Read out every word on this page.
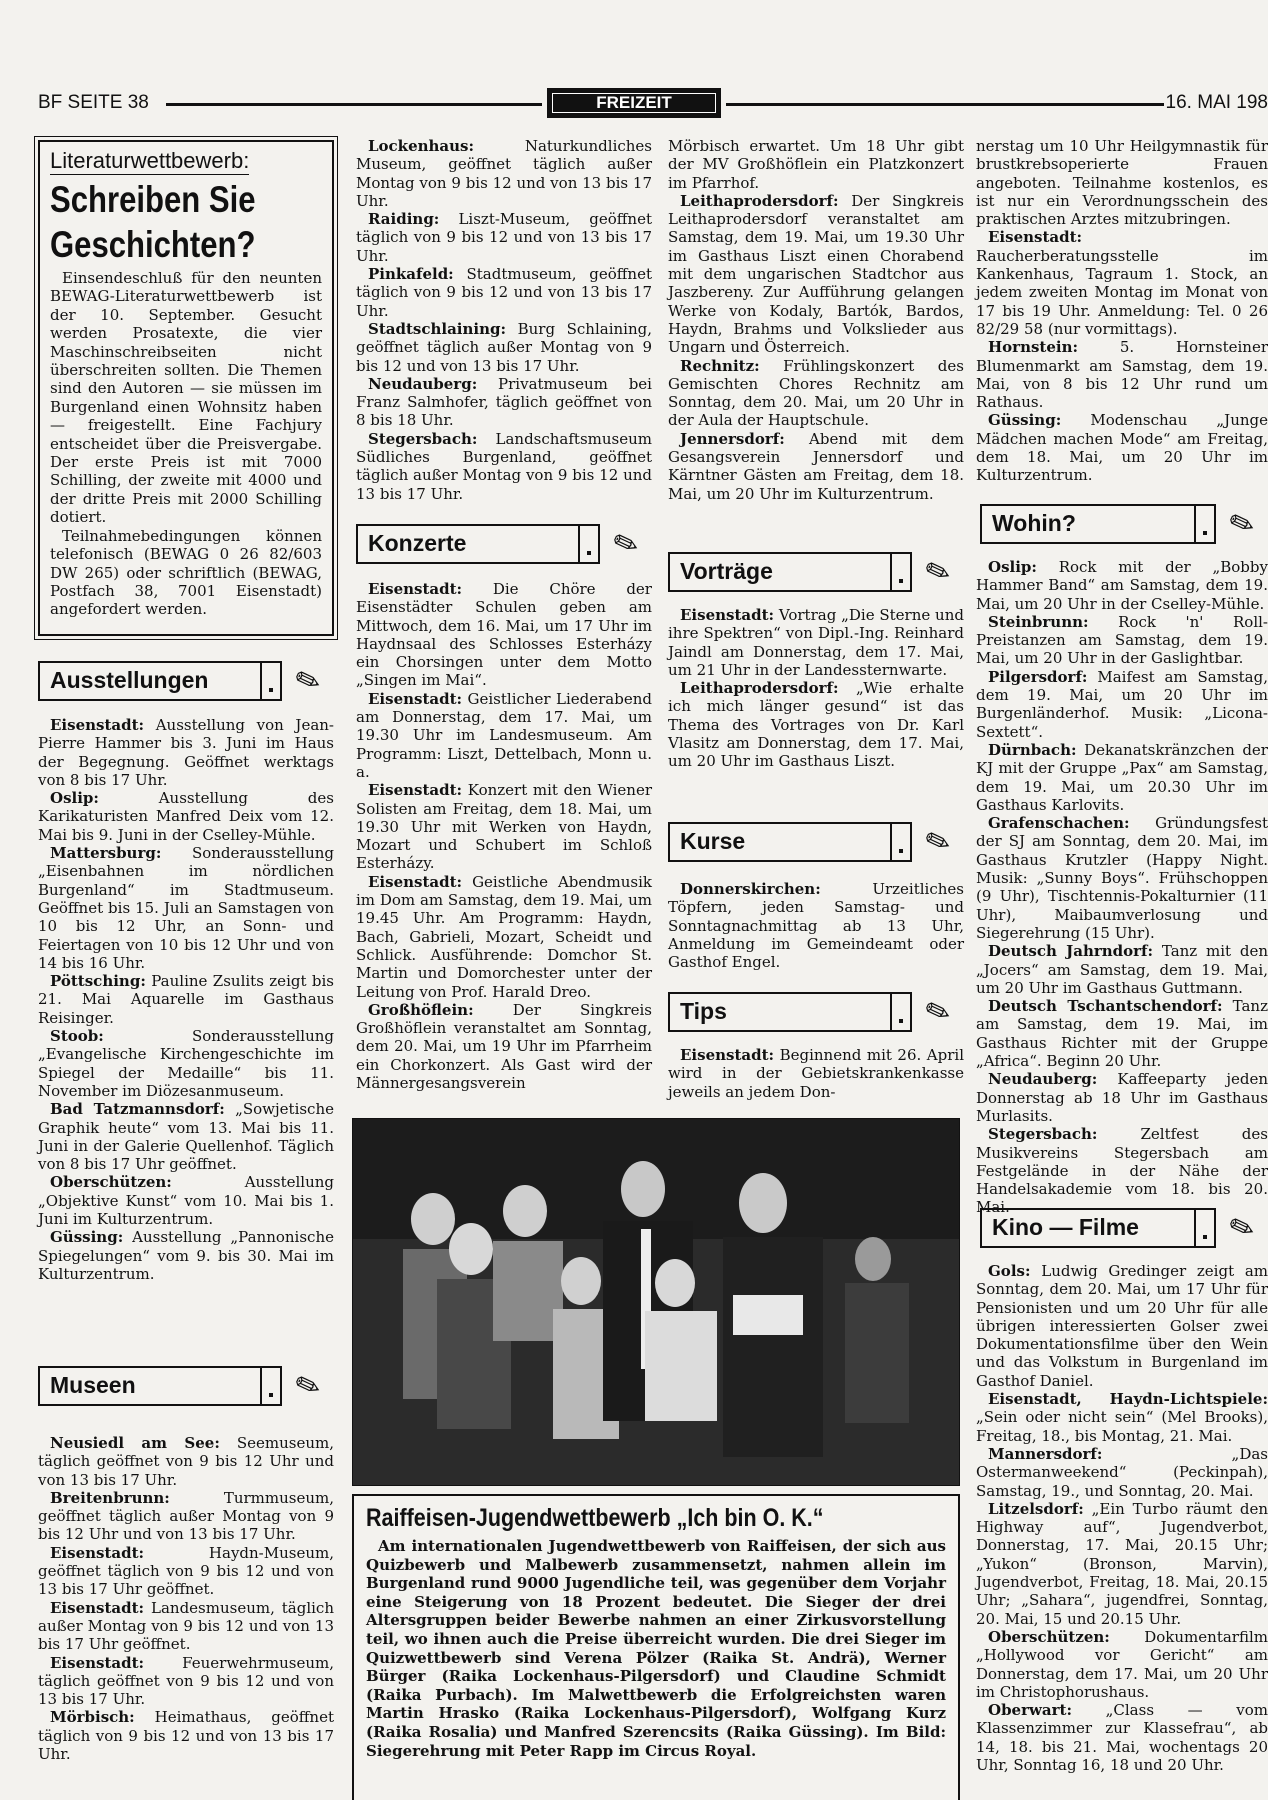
BF SEITE 38	FREIZEIT	16. MAI 198
Literaturwettbewerb:
Schreiben Sie
Geschichten?

Einsendeschluß für den neunten BEWAG-Literaturwettbewerb ist der 10. September. Gesucht werden Prosatexte, die vier Maschinschreibseiten nicht überschreiten sollten. Die Themen sind den Autoren — sie müssen im Burgenland einen Wohnsitz haben — freigestellt. Eine Fachjury entscheidet über die Preisvergabe. Der erste Preis ist mit 7000 Schilling, der zweite mit 4000 und der dritte Preis mit 2000 Schilling dotiert.

Teilnahmebedingungen können telefonisch (BEWAG 0 26 82/603 DW 265) oder schriftlich (BEWAG, Postfach 38, 7001 Eisenstadt) angefordert werden.

Ausstellungen	✎

Eisenstadt: Ausstellung von Jean-Pierre Hammer bis 3. Juni im Haus der Begegnung. Geöffnet werktags von 8 bis 17 Uhr.

Oslip:	Ausstellung des Karikaturisten Manfred Deix vom 12. Mai bis 9. Juni in der Cselley-Mühle.

Mattersburg: Sonderausstellung „Eisenbahnen im nördlichen Burgenland“ im Stadtmuseum. Geöffnet bis 15. Juli an Samstagen von 10 bis 12 Uhr, an Sonn- und Feiertagen von 10 bis 12 Uhr und von 14 bis 16 Uhr.

Pöttsching: Pauline Zsulits zeigt bis 21. Mai Aquarelle im Gasthaus Reisinger.

Stoob:	Sonderausstellung „Evangelische Kirchengeschichte im Spiegel der Medaille“ bis 11. November im Diözesanmuseum.

Bad Tatzmannsdorf: „Sowjetische Graphik heute“ vom 13. Mai bis 11. Juni in der Galerie Quellenhof. Täglich von 8 bis 17 Uhr geöffnet.

Oberschützen:	Ausstellung „Objektive Kunst“ vom 10. Mai bis 1. Juni im Kulturzentrum.

Güssing: Ausstellung „Pannonische Spiegelungen“ vom 9. bis 30. Mai im Kulturzentrum.

Museen	✎

Neusiedl am See: Seemuseum, täglich geöffnet von 9 bis 12 Uhr und von 13 bis 17 Uhr.

Breitenbrunn:	Turmmuseum, geöffnet täglich außer Montag von 9 bis 12 Uhr und von 13 bis 17 Uhr.

Eisenstadt:	Haydn-Museum, geöffnet täglich von 9 bis 12 und von 13 bis 17 Uhr geöffnet.

Eisenstadt: Landesmuseum, täglich außer Montag von 9 bis 12 und von 13 bis 17 Uhr geöffnet.

Eisenstadt:	Feuerwehrmuseum, täglich geöffnet von 9 bis 12 und von 13 bis 17 Uhr.

Mörbisch: Heimathaus, geöffnet täglich von 9 bis 12 und von 13 bis 17 Uhr.

Lockenhaus:	Naturkundliches Museum, geöffnet täglich außer Montag von 9 bis 12 und von 13 bis 17 Uhr.

Raiding: Liszt-Museum, geöffnet täglich von 9 bis 12 und von 13 bis 17 Uhr.

Pinkafeld: Stadtmuseum, geöffnet täglich von 9 bis 12 und von 13 bis 17 Uhr.

Stadtschlaining: Burg Schlaining, geöffnet täglich außer Montag von 9 bis 12 und von 13 bis 17 Uhr.

Neudauberg: Privatmuseum bei Franz Salmhofer, täglich geöffnet von 8 bis 18 Uhr.

Stegersbach: Landschaftsmuseum Südliches Burgenland, geöffnet täglich außer Montag von 9 bis 12 und 13 bis 17 Uhr.

Konzerte	✎

Eisenstadt: Die Chöre der Eisenstädter Schulen geben am Mittwoch, dem 16. Mai, um 17 Uhr im Haydnsaal des Schlosses Esterházy ein Chorsingen unter dem Motto „Singen im Mai“.

Eisenstadt: Geistlicher Liederabend am Donnerstag, dem 17. Mai, um 19.30 Uhr im Landesmuseum. Am Programm: Liszt, Dettelbach, Monn u. a.

Eisenstadt: Konzert mit den Wiener Solisten am Freitag, dem 18. Mai, um 19.30 Uhr mit Werken von Haydn, Mozart und Schubert im Schloß Esterházy.

Eisenstadt: Geistliche Abendmusik im Dom am Samstag, dem 19. Mai, um 19.45 Uhr. Am Programm: Haydn, Bach, Gabrieli, Mozart, Scheidt und Schlick. Ausführende: Domchor St. Martin und Domorchester unter der Leitung von Prof. Harald Dreo.

Großhöflein:	Der Singkreis Großhöflein veranstaltet am Sonntag, dem 20. Mai, um 19 Uhr im Pfarrheim ein Chorkonzert. Als Gast wird der Männergesangsverein

Mörbisch erwartet. Um 18 Uhr gibt der MV Großhöflein ein Platzkonzert im Pfarrhof.

Leithaprodersdorf: Der Singkreis Leithaprodersdorf veranstaltet am Samstag, dem 19. Mai, um 19.30 Uhr im Gasthaus Liszt einen Chorabend mit dem ungarischen Stadtchor aus Jaszbereny. Zur Aufführung gelangen Werke von Kodaly, Bartók, Bardos, Haydn, Brahms und Volkslieder aus Ungarn und Österreich.

Rechnitz: Frühlingskonzert des Gemischten Chores Rechnitz am Sonntag, dem 20. Mai, um 20 Uhr in der Aula der Hauptschule.

Jennersdorf: Abend mit dem Gesangsverein Jennersdorf und Kärntner Gästen am Freitag, dem 18. Mai, um 20 Uhr im Kulturzentrum.

Vorträge	✎

Eisenstadt: Vortrag „Die Sterne und ihre Spektren“ von Dipl.-Ing. Reinhard Jaindl am Donnerstag, dem 17. Mai, um 21 Uhr in der Landessternwarte.

Leithaprodersdorf: „Wie erhalte ich mich länger gesund“ ist das Thema des Vortrages von Dr. Karl Vlasitz am Donnerstag, dem 17. Mai, um 20 Uhr im Gasthaus Liszt.

Kurse	✎

Donnerskirchen:	Urzeitliches Töpfern, jeden Samstag- und Sonntagnachmittag ab 13 Uhr, Anmeldung im Gemeindeamt oder Gasthof Engel.

Tips	✎

Eisenstadt: Beginnend mit 26. April wird in der Gebietskrankenkasse jeweils an jedem Don-

nerstag um 10 Uhr Heilgymnastik für brustkrebsoperierte Frauen angeboten. Teilnahme kostenlos, es ist nur ein Verordnungsschein des praktischen Arztes mitzubringen.

Eisenstadt: Raucherberatungsstelle im Kankenhaus, Tagraum 1. Stock, an jedem zweiten Montag im Monat von 17 bis 19 Uhr. Anmeldung: Tel. 0 26 82/29 58 (nur vormittags).

Hornstein:	5. Hornsteiner Blumenmarkt am Samstag, dem 19. Mai, von 8 bis 12 Uhr rund um Rathaus.

Güssing: Modenschau „Junge Mädchen machen Mode“ am Freitag, dem 18. Mai, um 20 Uhr im Kulturzentrum.

Wohin?	✎

Oslip: Rock mit der „Bobby Hammer Band“ am Samstag, dem 19. Mai, um 20 Uhr in der Cselley-Mühle.

Steinbrunn: Rock 'n' Roll-Preistanzen am Samstag, dem 19. Mai, um 20 Uhr in der Gaslightbar.

Pilgersdorf: Maifest am Samstag, dem 19. Mai, um 20 Uhr im Burgenländerhof. Musik: „Licona-Sextett“.

Dürnbach: Dekanatskränzchen der KJ mit der Gruppe „Pax“ am Samstag, dem 19. Mai, um 20.30 Uhr im Gasthaus Karlovits.

Grafenschachen: Gründungsfest der SJ am Sonntag, dem 20. Mai, im Gasthaus Krutzler (Happy Night. Musik: „Sunny Boys“. Frühschoppen (9 Uhr), Tischtennis-Pokalturnier (11 Uhr), Maibaumverlosung und Siegerehrung (15 Uhr).

Deutsch Jahrndorf: Tanz mit den „Jocers“ am Samstag, dem 19. Mai, um 20 Uhr im Gasthaus Guttmann.

Deutsch Tschantschendorf: Tanz am Samstag, dem 19. Mai, im Gasthaus Richter mit der Gruppe „Africa“. Beginn 20 Uhr.

Neudauberg: Kaffeeparty jeden Donnerstag ab 18 Uhr im Gasthaus Murlasits.

Stegersbach:	Zeltfest des Musikvereins Stegersbach am Festgelände in der Nähe der Handelsakademie vom 18. bis 20. Mai.

Kino — Filme	✎

Gols: Ludwig Gredinger zeigt am Sonntag, dem 20. Mai, um 17 Uhr für Pensionisten und um 20 Uhr für alle übrigen interessierten Golser zwei Dokumentationsfilme über den Wein und das Volkstum in Burgenland im Gasthof Daniel.

Eisenstadt, Haydn-Lichtspiele: „Sein oder nicht sein“ (Mel Brooks), Freitag, 18., bis Montag, 21. Mai.

Mannersdorf:	„Das Ostermanweekend“ (Peckinpah), Samstag, 19., und Sonntag, 20. Mai.

Litzelsdorf: „Ein Turbo räumt den Highway auf“, Jugendverbot, Donnerstag, 17. Mai, 20.15 Uhr; „Yukon“ (Bronson, Marvin), Jugendverbot, Freitag, 18. Mai, 20.15 Uhr; „Sahara“, jugendfrei, Sonntag, 20. Mai, 15 und 20.15 Uhr.

Oberschützen: Dokumentarfilm „Hollywood vor Gericht“ am Donnerstag, dem 17. Mai, um 20 Uhr im Christophorushaus.

Oberwart: „Class — vom Klassenzimmer zur Klassefrau“, ab 14, 18. bis 21. Mai, wochentags 20 Uhr, Sonntag 16, 18 und 20 Uhr.

Raiffeisen-Jugendwettbewerb „Ich bin O. K.“

Am internationalen Jugendwettbewerb von Raiffeisen, der sich aus Quizbewerb und Malbewerb zusammensetzt, nahmen allein im Burgenland rund 9000 Jugendliche teil, was gegenüber dem Vorjahr eine Steigerung von 18 Prozent bedeutet. Die Sieger der drei Altersgruppen beider Bewerbe nahmen an einer Zirkusvorstellung teil, wo ihnen auch die Preise überreicht wurden. Die drei Sieger im Quizwettbewerb sind Verena Pölzer (Raika St. Andrä), Werner Bürger (Raika Lockenhaus-Pilgersdorf) und Claudine Schmidt (Raika Purbach). Im Malwettbewerb die Erfolgreichsten waren Martin Hrasko (Raika Lockenhaus-Pilgersdorf), Wolfgang Kurz (Raika Rosalia) und Manfred Szerencsits (Raika Güssing). Im Bild: Siegerehrung mit Peter Rapp im Circus Royal.
